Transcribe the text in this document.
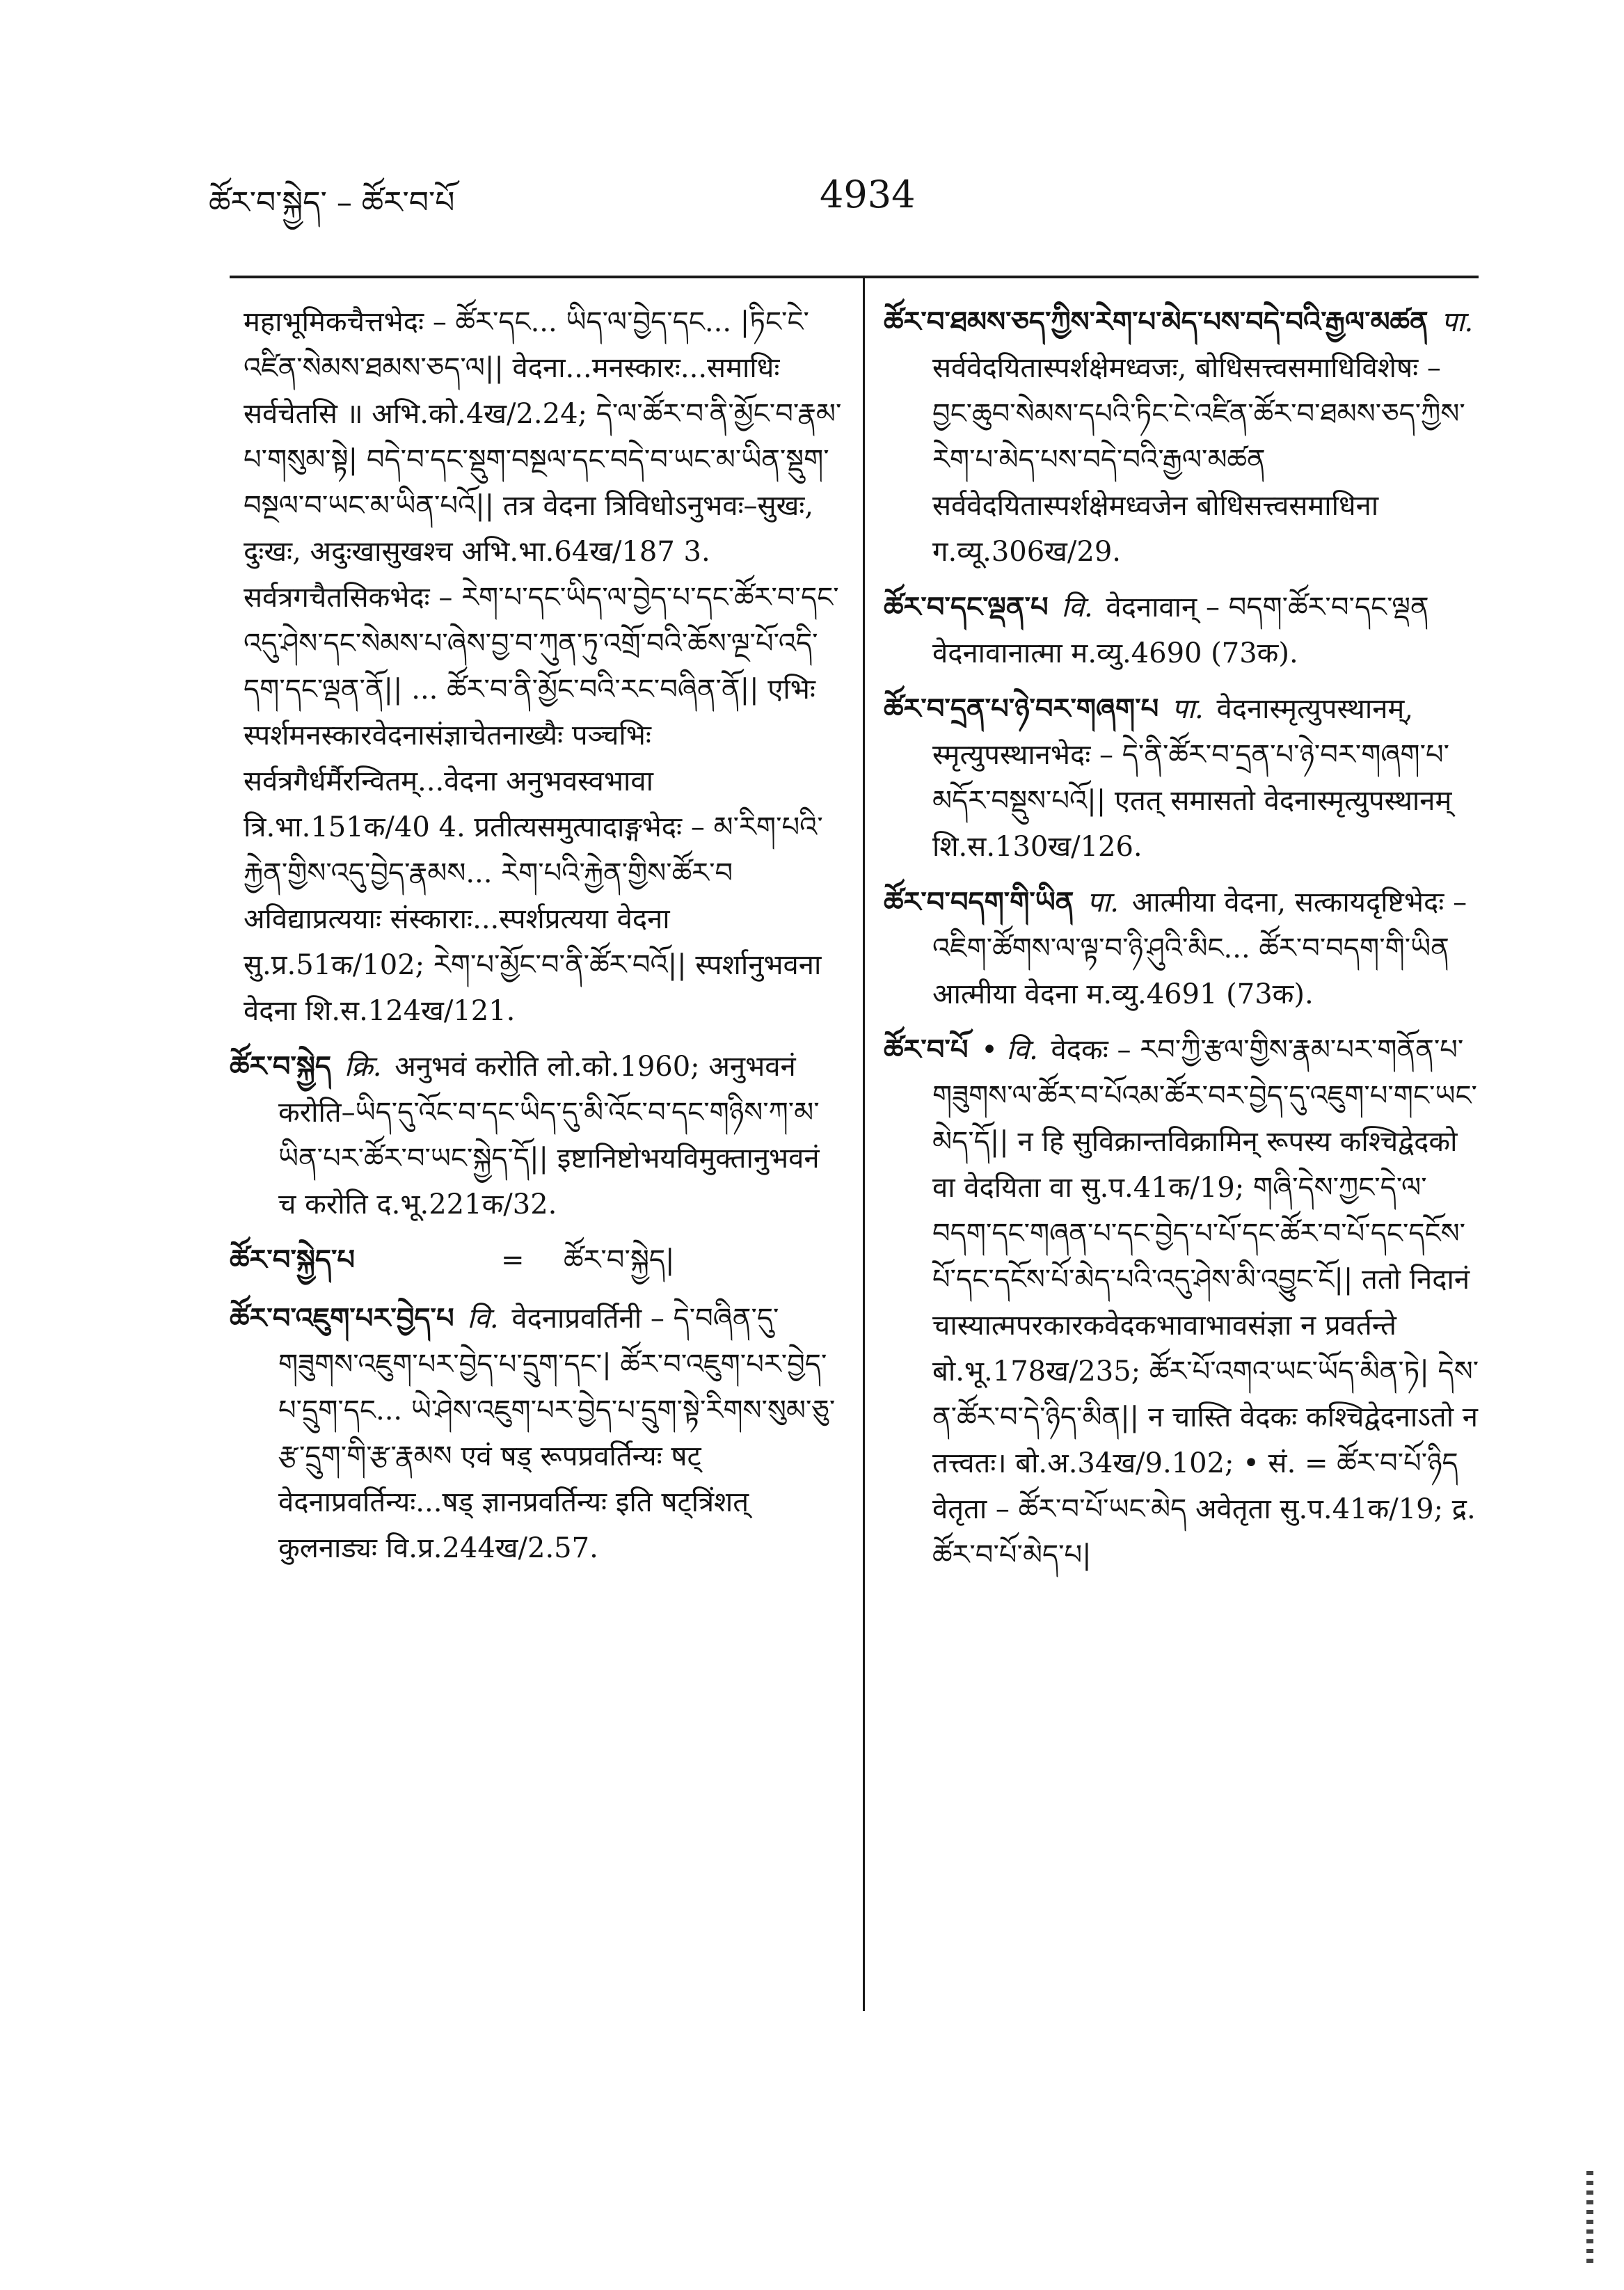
ཚོར་བ་སྐྱེད་ – ཚོར་བ་པོ	4934
महाभूमिकचैत्तभेदः – ཚོར་དང... ཡིད་ལ་བྱེད་དང... |ཏིང་ངེ་འཛིན་སེམས་ཐམས་ཅད་ལ|| वेदना...मनस्कारः...समाधिः सर्वचेतसि ॥ अभि.को.4ख/2.24; དེ་ལ་ཚོར་བ་ནི་མྱོང་བ་རྣམ་པ་གསུམ་སྟེ| བདེ་བ་དང་སྡུག་བསྔལ་དང་བདེ་བ་ཡང་མ་ཡིན་སྡུག་བསྔལ་བ་ཡང་མ་ཡིན་པའོ|| तत्र वेदना त्रिविधोऽनुभवः–सुखः, दुःखः, अदुःखासुखश्च अभि.भा.64ख/187 3. सर्वत्रगचैतसिकभेदः – རེག་པ་དང་ཡིད་ལ་བྱེད་པ་དང་ཚོར་བ་དང་འདུ་ཤེས་དང་སེམས་པ་ཞེས་བྱ་བ་ཀུན་ཏུ་འགྲོ་བའི་ཆོས་ལྔ་པོ་འདི་དག་དང་ལྡན་ནོ|| ... ཚོར་བ་ནི་མྱོང་བའི་རང་བཞིན་ནོ|| एभिः स्पर्शमनस्कारवेदनासंज्ञाचेतनाख्यैः पञ्चभिः सर्वत्रगैर्धर्मैरन्वितम्...वेदना अनुभवस्वभावा त्रि.भा.151क/40 4. प्रतीत्यसमुत्पादाङ्गभेदः – མ་རིག་པའི་རྐྱེན་གྱིས་འདུ་བྱེད་རྣམས... རེག་པའི་རྐྱེན་གྱིས་ཚོར་བ अविद्याप्रत्ययाः संस्काराः...स्पर्शप्रत्यया वेदना सु.प्र.51क/102; རེག་པ་མྱོང་བ་ནི་ཚོར་བའོ|| स्पर्शानुभवना वेदना शि.स.124ख/121.
ཚོར་བ་སྐྱེད क्रि. अनुभवं करोति लो.को.1960; अनुभवनं करोति–ཡིད་དུ་འོང་བ་དང་ཡིད་དུ་མི་འོང་བ་དང་གཉིས་ཀ་མ་ཡིན་པར་ཚོར་བ་ཡང་སྐྱེད་དོ|| इष्टानिष्टोभयविमुक्तानुभवनं च करोति द.भू.221क/32.
ཚོར་བ་སྐྱེད་པ	= ཚོར་བ་སྐྱེད|
ཚོར་བ་འཇུག་པར་བྱེད་པ वि. वेदनाप्रवर्तिनी – དེ་བཞིན་དུ་གཟུགས་འཇུག་པར་བྱེད་པ་དྲུག་དང་| ཚོར་བ་འཇུག་པར་བྱེད་པ་དྲུག་དང... ཡེ་ཤེས་འཇུག་པར་བྱེད་པ་དྲུག་སྟེ་རིགས་སུམ་ཅུ་རྩ་དྲུག་གི་རྩ་རྣམས एवं षड् रूपप्रवर्तिन्यः षट् वेदनाप्रवर्तिन्यः...षड् ज्ञानप्रवर्तिन्यः इति षट्त्रिंशत् कुलनाड्यः वि.प्र.244ख/2.57.
ཚོར་བ་ཐམས་ཅད་ཀྱིས་རེག་པ་མེད་པས་བདེ་བའི་རྒྱལ་མཚན पा. सर्ववेदयितास्पर्शक्षेमध्वजः, बोधिसत्त्वसमाधिविशेषः – བྱང་ཆུབ་སེམས་དཔའི་ཏིང་ངེ་འཛིན་ཚོར་བ་ཐམས་ཅད་ཀྱིས་རེག་པ་མེད་པས་བདེ་བའི་རྒྱལ་མཚན सर्ववेदयितास्पर्शक्षेमध्वजेन बोधिसत्त्वसमाधिना ग.व्यू.306ख/29.
ཚོར་བ་དང་ལྡན་པ वि. वेदनावान् – བདག་ཚོར་བ་དང་ལྡན वेदनावानात्मा म.व्यु.4690 (73क).
ཚོར་བ་དྲན་པ་ཉེ་བར་གཞག་པ पा. वेदनास्मृत्युपस्थानम्, स्मृत्युपस्थानभेदः – དེ་ནི་ཚོར་བ་དྲན་པ་ཉེ་བར་གཞག་པ་མདོར་བསྡུས་པའོ|| एतत् समासतो वेदनास्मृत्युपस्थानम् शि.स.130ख/126.
ཚོར་བ་བདག་གི་ཡིན पा. आत्मीया वेदना, सत्कायदृष्टिभेदः – འཇིག་ཚོགས་ལ་ལྟ་བ་ཉི་ཤུའི་མིང... ཚོར་བ་བདག་གི་ཡིན आत्मीया वेदना म.व्यु.4691 (73क).
ཚོར་བ་པོ • वि. वेदकः – རབ་ཀྱི་རྩལ་གྱིས་རྣམ་པར་གནོན་པ་གཟུགས་ལ་ཚོར་བ་པོའམ་ཚོར་བར་བྱེད་དུ་འཇུག་པ་གང་ཡང་མེད་དོ|| न हि सुविक्रान्तविक्रामिन् रूपस्य कश्चिद्वेदको वा वेदयिता वा सु.प.41क/19; གཞི་དེས་ཀྱང་དེ་ལ་བདག་དང་གཞན་པ་དང་བྱེད་པ་པོ་དང་ཚོར་བ་པོ་དང་དངོས་པོ་དང་དངོས་པོ་མེད་པའི་འདུ་ཤེས་མི་འབྱུང་ངོ|| ततो निदानं चास्यात्मपरकारकवेदकभावाभावसंज्ञा न प्रवर्तन्ते बो.भू.178ख/235; ཚོར་པོ་འགའ་ཡང་ཡོད་མིན་ཏེ| དེས་ན་ཚོར་བ་དེ་ཉིད་མིན|| न चास्ति वेदकः कश्चिद्वेदनाऽतो न तत्त्वतः। बो.अ.34ख/9.102; • सं. = ཚོར་བ་པོ་ཉིད वेतृता – ཚོར་བ་པོ་ཡང་མེད अवेतृता सु.प.41क/19; द्र. ཚོར་བ་པོ་མེད་པ|
